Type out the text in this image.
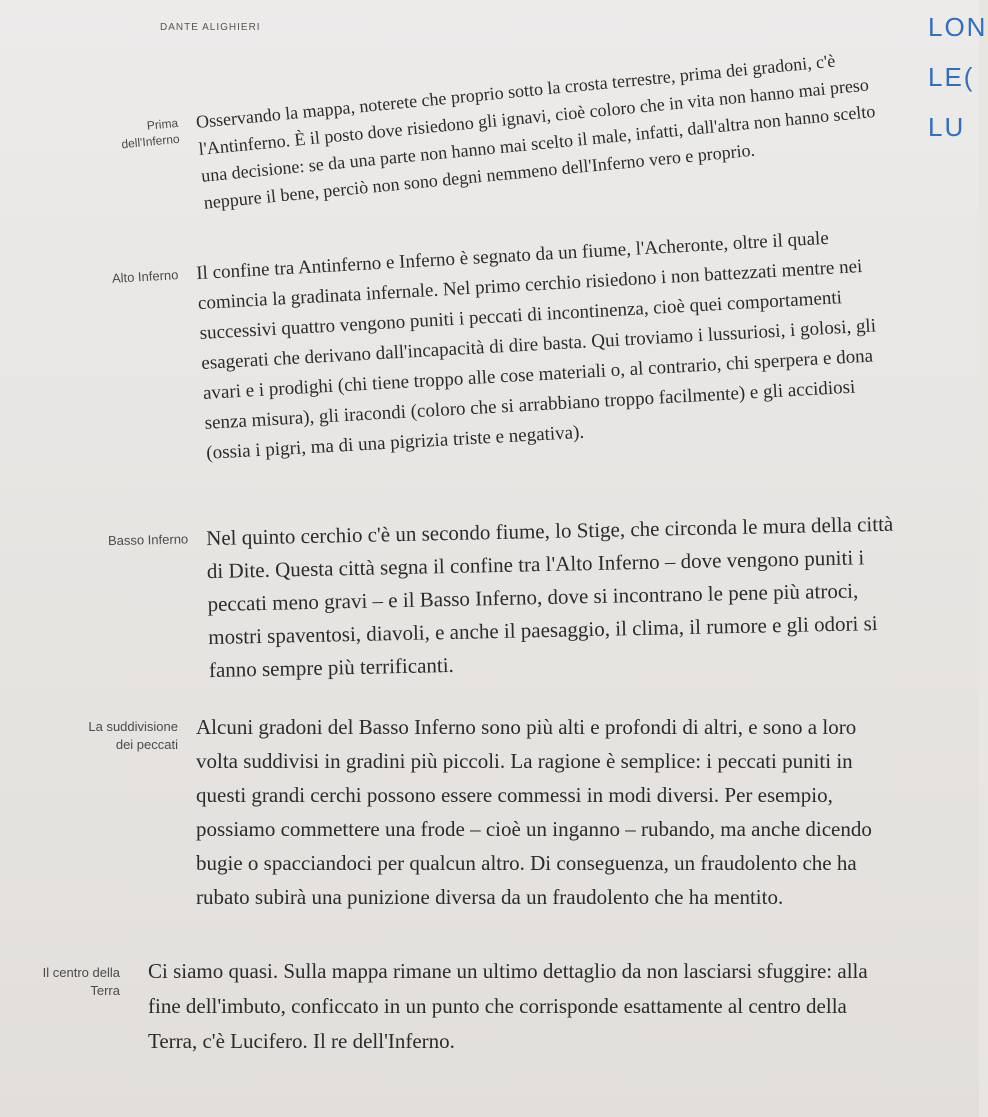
DANTE ALIGHIERI	LON
LE(
LU
Prima
dell'Inferno

Osservando la mappa, noterete che proprio sotto la crosta terrestre, prima dei gradoni, c'è l'Antinferno. È il posto dove risiedono gli ignavi, cioè coloro che in vita non hanno mai preso una decisione: se da una parte non hanno mai scelto il male, infatti, dall'altra non hanno scelto neppure il bene, perciò non sono degni nemmeno dell'Inferno vero e proprio.

Alto Inferno Il confine tra Antinferno e Inferno è segnato da un fiume, l'Acheronte, oltre il quale comincia la gradinata infernale. Nel primo cerchio risiedono i non battezzati mentre nei successivi quattro vengono puniti i peccati di incontinenza, cioè quei comportamenti esagerati che derivano dall'incapacità di dire basta. Qui troviamo i lussuriosi, i golosi, gli avari e i prodighi (chi tiene troppo alle cose materiali o, al contrario, chi sperpera e dona senza misura), gli iracondi (coloro che si arrabbiano troppo facilmente) e gli accidiosi (ossia i pigri, ma di una pigrizia triste e negativa).

Basso Inferno Nel quinto cerchio c'è un secondo fiume, lo Stige, che circonda le mura della città di Dite. Questa città segna il confine tra l'Alto Inferno – dove vengono puniti i peccati meno gravi – e il Basso Inferno, dove si incontrano le pene più atroci, mostri spaventosi, diavoli, e anche il paesaggio, il clima, il rumore e gli odori si fanno sempre più terrificanti.

La suddivisione
dei peccati

Alcuni gradoni del Basso Inferno sono più alti e profondi di altri, e sono a loro volta suddivisi in gradini più piccoli. La ragione è semplice: i peccati puniti in questi grandi cerchi possono essere commessi in modi diversi. Per esempio, possiamo commettere una frode – cioè un inganno – rubando, ma anche dicendo bugie o spacciandoci per qualcun altro. Di conseguenza, un fraudolento che ha rubato subirà una punizione diversa da un fraudolento che ha mentito.

Il centro della
Terra

Ci siamo quasi. Sulla mappa rimane un ultimo dettaglio da non lasciarsi sfuggire: alla fine dell'imbuto, conficcato in un punto che corrisponde esattamente al centro della Terra, c'è Lucifero. Il re dell'Inferno.
